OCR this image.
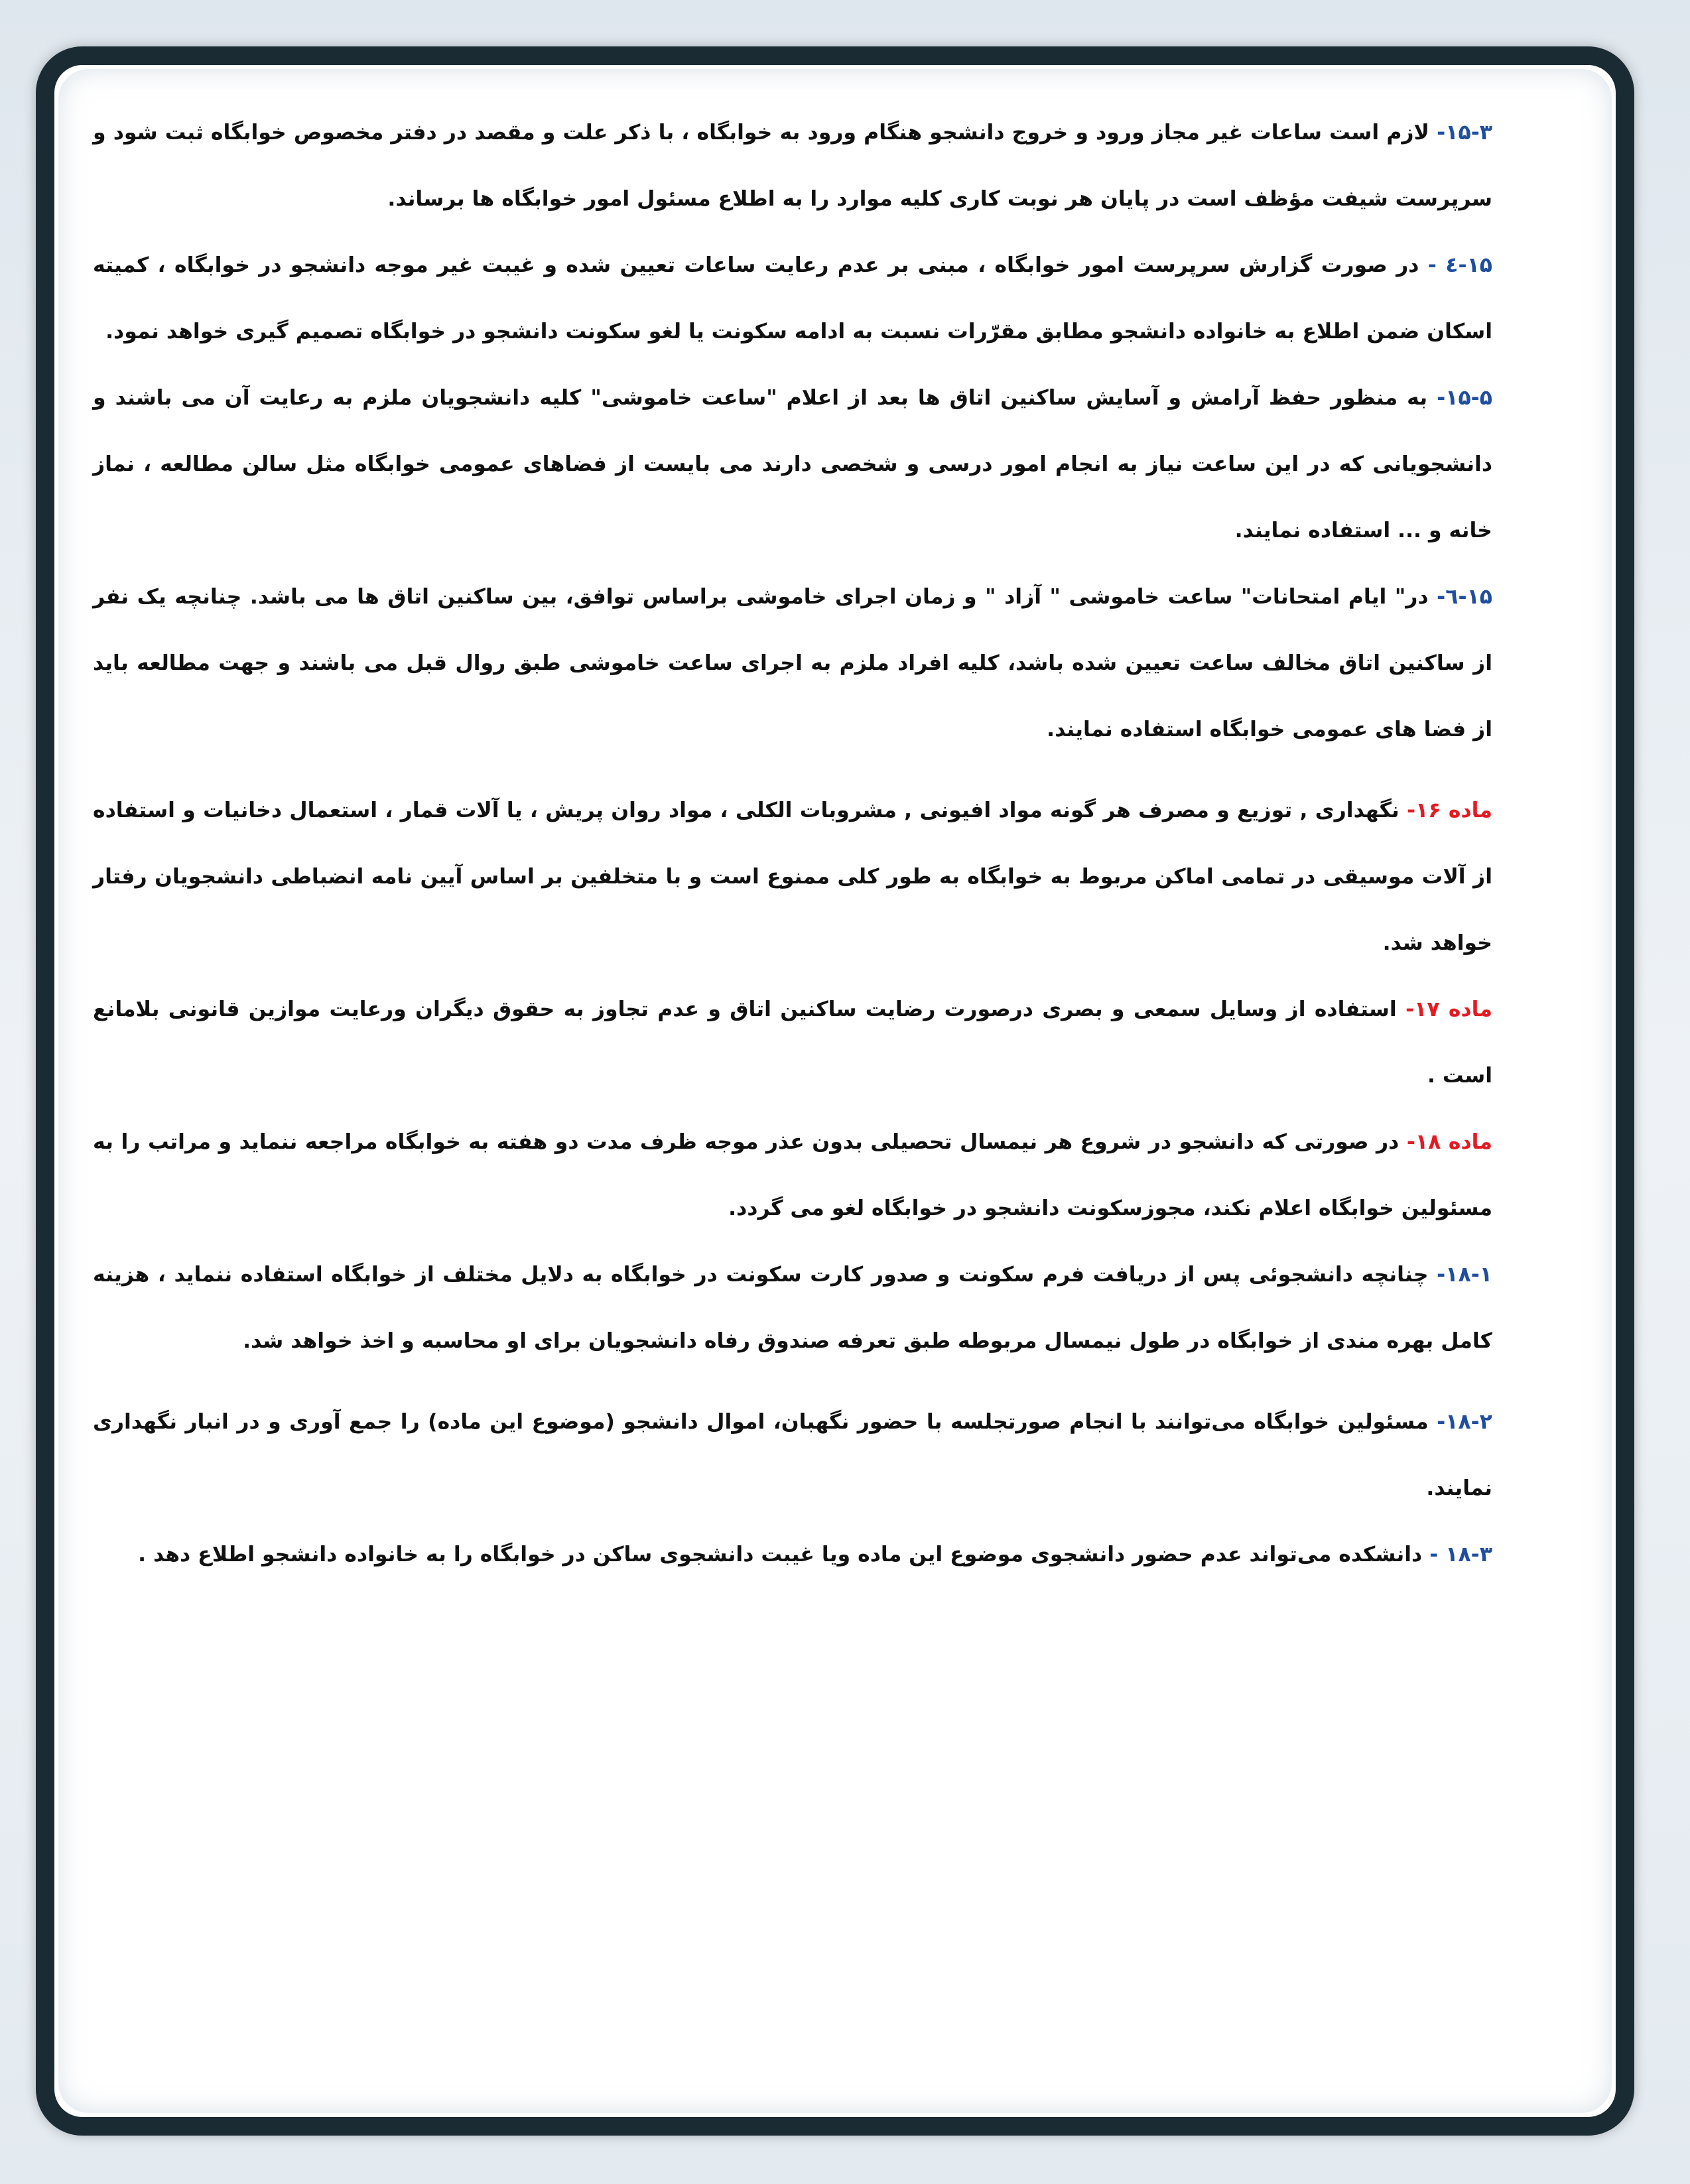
۱۵-۳- لازم است ساعات غیر مجاز ورود و خروج دانشجو هنگام ورود به خوابگاه ، با ذکر علت و مقصد در دفتر مخصوص خوابگاه ثبت شود و سرپرست شیفت مؤظف است در پایان هر نوبت کاری کلیه موارد را به اطلاع مسئول امور خوابگاه ها برساند.

۱۵-٤ - در صورت گزارش سرپرست امور خوابگاه ، مبنی بر عدم رعایت ساعات تعیین شده و غیبت غیر موجه دانشجو در خوابگاه ، کمیته اسکان ضمن اطلاع به خانواده دانشجو مطابق مقرّرات نسبت به ادامه سکونت یا لغو سکونت دانشجو در خوابگاه تصمیم گیری خواهد نمود.

۱۵-۵- به منظور حفظ آرامش و آسایش ساکنین اتاق ها بعد از اعلام "ساعت خاموشی" کلیه دانشجویان ملزم به رعایت آن می باشند و دانشجویانی که در این ساعت نیاز به انجام امور درسی و شخصی دارند می بایست از فضاهای عمومی خوابگاه مثل سالن مطالعه ، نماز خانه و ... استفاده نمایند.

۱۵-٦- در" ایام امتحانات" ساعت خاموشی " آزاد " و زمان اجرای خاموشی براساس توافق، بین ساکنین اتاق ها می باشد. چنانچه یک نفر از ساکنین اتاق مخالف ساعت تعیین شده باشد، کلیه افراد ملزم به اجرای ساعت خاموشی طبق روال قبل می باشند و جهت مطالعه باید از فضا های عمومی خوابگاه استفاده نمایند.

ماده ۱۶- نگهداری , توزیع و مصرف هر گونه مواد افیونی , مشروبات الکلی ، مواد روان پریش ، یا آلات قمار ، استعمال دخانیات و استفاده از آلات موسیقی در تمامی اماکن مربوط به خوابگاه به طور کلی ممنوع است و با متخلفین بر اساس آیین نامه انضباطی دانشجویان رفتار خواهد شد.

ماده ۱۷- استفاده از وسایل سمعی و بصری درصورت رضایت ساکنین اتاق و عدم تجاوز به حقوق دیگران ورعایت موازین قانونی بلامانع است .

ماده ۱۸- در صورتی که دانشجو در شروع هر نیمسال تحصیلی بدون عذر موجه ظرف مدت دو هفته به خوابگاه مراجعه ننماید و مراتب را به مسئولین خوابگاه اعلام نکند، مجوزسکونت دانشجو در خوابگاه لغو می گردد.

۱۸-۱- چنانچه دانشجوئی پس از دریافت فرم سکونت و صدور کارت سکونت در خوابگاه به دلایل مختلف از خوابگاه استفاده ننماید ، هزینه کامل بهره مندی از خوابگاه در طول نیمسال مربوطه طبق تعرفه صندوق رفاه دانشجویان برای او محاسبه و اخذ خواهد شد.

۱۸-۲- مسئولین خوابگاه می‌توانند با انجام صورتجلسه با حضور نگهبان، اموال دانشجو (موضوع این ماده) را جمع آوری و در انبار نگهداری نمایند.

۱۸-۳ - دانشکده می‌تواند عدم حضور دانشجوی موضوع این ماده ویا غیبت دانشجوی ساکن در خوابگاه را به خانواده دانشجو اطلاع دهد .
